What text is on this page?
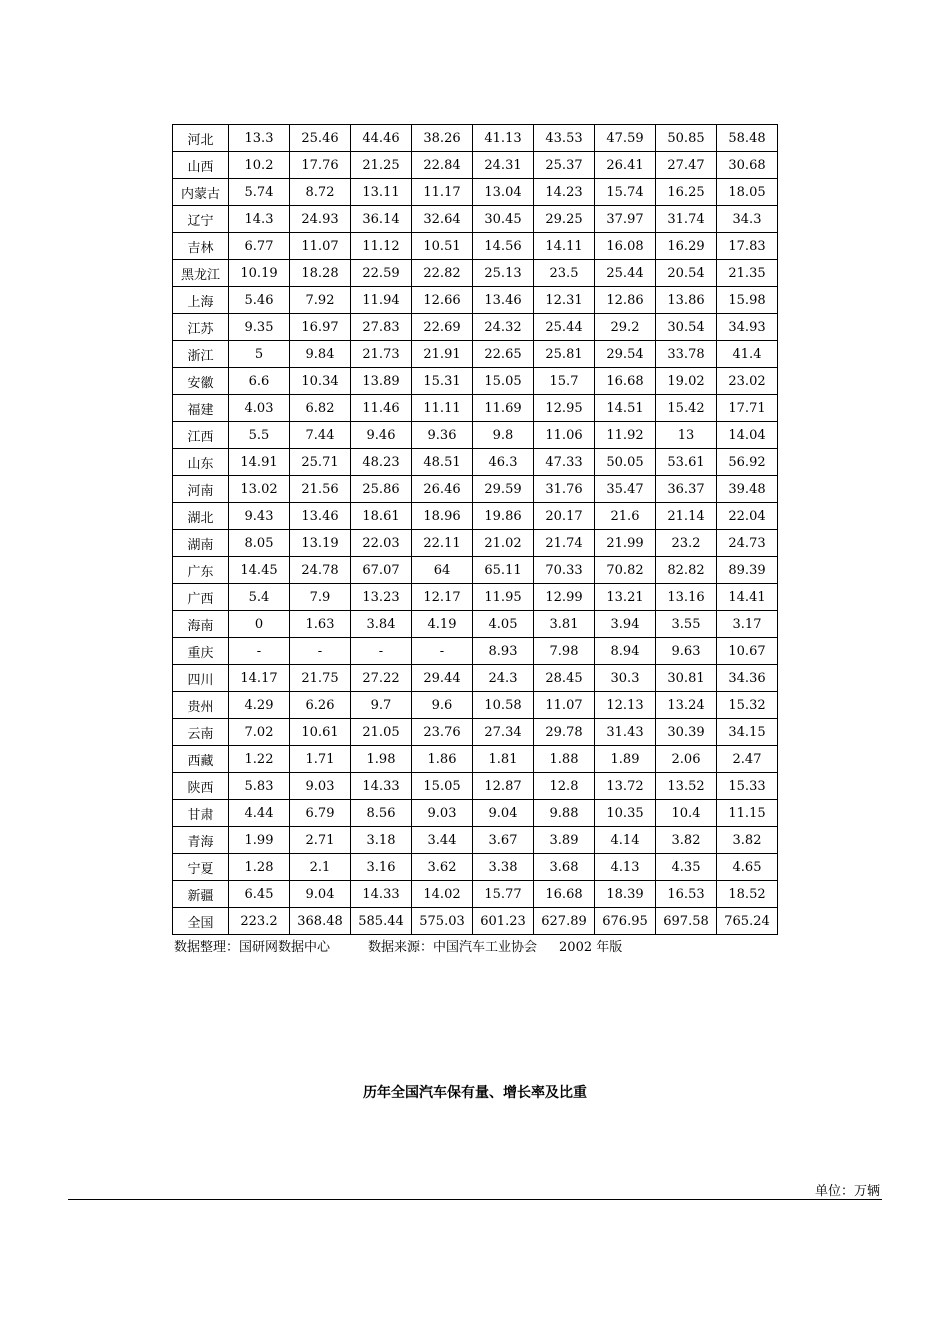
河北	13.3	25.46	44.46	38.26	41.13	43.53	47.59	50.85	58.48
山西	10.2	17.76	21.25	22.84	24.31	25.37	26.41	27.47	30.68
内蒙古	5.74	8.72	13.11	11.17	13.04	14.23	15.74	16.25	18.05
辽宁	14.3	24.93	36.14	32.64	30.45	29.25	37.97	31.74	34.3
吉林	6.77	11.07	11.12	10.51	14.56	14.11	16.08	16.29	17.83
黑龙江	10.19	18.28	22.59	22.82	25.13	23.5	25.44	20.54	21.35
上海	5.46	7.92	11.94	12.66	13.46	12.31	12.86	13.86	15.98
江苏	9.35	16.97	27.83	22.69	24.32	25.44	29.2	30.54	34.93
浙江	5	9.84	21.73	21.91	22.65	25.81	29.54	33.78	41.4
安徽	6.6	10.34	13.89	15.31	15.05	15.7	16.68	19.02	23.02
福建	4.03	6.82	11.46	11.11	11.69	12.95	14.51	15.42	17.71
江西	5.5	7.44	9.46	9.36	9.8	11.06	11.92	13	14.04
山东	14.91	25.71	48.23	48.51	46.3	47.33	50.05	53.61	56.92
河南	13.02	21.56	25.86	26.46	29.59	31.76	35.47	36.37	39.48
湖北	9.43	13.46	18.61	18.96	19.86	20.17	21.6	21.14	22.04
湖南	8.05	13.19	22.03	22.11	21.02	21.74	21.99	23.2	24.73
广东	14.45	24.78	67.07	64	65.11	70.33	70.82	82.82	89.39
广西	5.4	7.9	13.23	12.17	11.95	12.99	13.21	13.16	14.41
海南	0	1.63	3.84	4.19	4.05	3.81	3.94	3.55	3.17
重庆	-	-	-	-	8.93	7.98	8.94	9.63	10.67
四川	14.17	21.75	27.22	29.44	24.3	28.45	30.3	30.81	34.36
贵州	4.29	6.26	9.7	9.6	10.58	11.07	12.13	13.24	15.32
云南	7.02	10.61	21.05	23.76	27.34	29.78	31.43	30.39	34.15
西藏	1.22	1.71	1.98	1.86	1.81	1.88	1.89	2.06	2.47
陕西	5.83	9.03	14.33	15.05	12.87	12.8	13.72	13.52	15.33
甘肃	4.44	6.79	8.56	9.03	9.04	9.88	10.35	10.4	11.15
青海	1.99	2.71	3.18	3.44	3.67	3.89	4.14	3.82	3.82
宁夏	1.28	2.1	3.16	3.62	3.38	3.68	4.13	4.35	4.65
新疆	6.45	9.04	14.33	14.02	15.77	16.68	18.39	16.53	18.52
全国	223.2	368.48	585.44	575.03	601.23	627.89	676.95	697.58	765.24
数据整理：国研网数据中心	数据来源：中国汽车工业协会 2002 年版
历年全国汽车保有量、增长率及比重
单位：万辆
